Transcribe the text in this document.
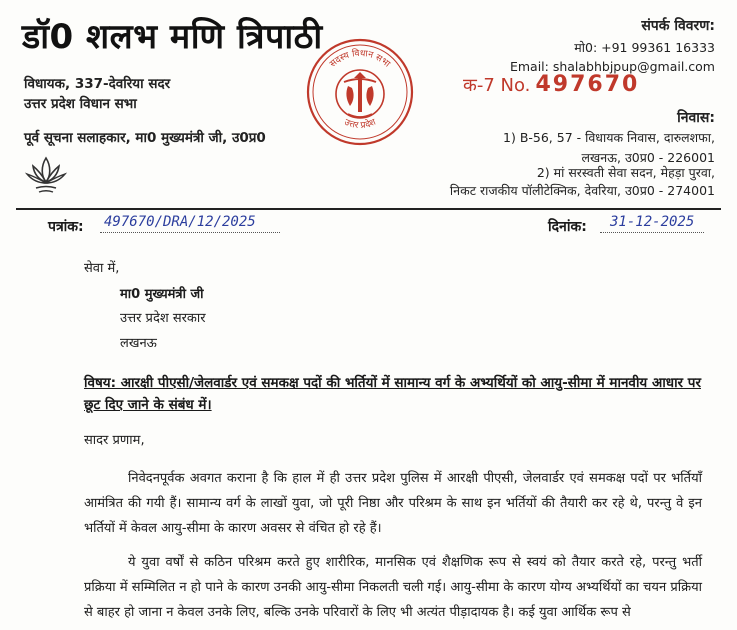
डॉ0 शलभ मणि त्रिपाठी
विधायक, 337-देवरिया सदर
उत्तर प्रदेश विधान सभा
पूर्व सूचना सलाहकार, मा0 मुख्यमंत्री जी, उ0प्र0
सदस्य विधान सभा
उत्तर प्रदेश
संपर्क विवरण:
मो0: +91 99361 16333
Email: shalabhbjpup@gmail.com
क-7 No. 497670
निवास:
1) B-56, 57 - विधायक निवास, दारुलशफा,
लखनऊ, उ0प्र0 - 226001
2) मां सरस्वती सेवा सदन, मेहड़ा पुरवा,
निकट राजकीय पॉलीटेक्निक, देवरिया, उ0प्र0 - 274001
पत्रांक: 497670/DRA/12/2025	दिनांक: 31-12-2025
सेवा में,
मा0 मुख्यमंत्री जी
उत्तर प्रदेश सरकार
लखनऊ
विषय: आरक्षी पीएसी/जेलवार्डर एवं समकक्ष पदों की भर्तियों में सामान्य वर्ग के अभ्यर्थियों को आयु-सीमा में मानवीय आधार पर छूट दिए जाने के संबंध में।
सादर प्रणाम,
निवेदनपूर्वक अवगत कराना है कि हाल में ही उत्तर प्रदेश पुलिस में आरक्षी पीएसी, जेलवार्डर एवं समकक्ष पदों पर भर्तियाँ आमंत्रित की गयी हैं। सामान्य वर्ग के लाखों युवा, जो पूरी निष्ठा और परिश्रम के साथ इन भर्तियों की तैयारी कर रहे थे, परन्तु वे इन भर्तियों में केवल आयु-सीमा के कारण अवसर से वंचित हो रहे हैं।
ये युवा वर्षों से कठिन परिश्रम करते हुए शारीरिक, मानसिक एवं शैक्षणिक रूप से स्वयं को तैयार करते रहे, परन्तु भर्ती प्रक्रिया में सम्मिलित न हो पाने के कारण उनकी आयु-सीमा निकलती चली गई। आयु-सीमा के कारण योग्य अभ्यर्थियों का चयन प्रक्रिया से बाहर हो जाना न केवल उनके लिए, बल्कि उनके परिवारों के लिए भी अत्यंत पीड़ादायक है। कई युवा आर्थिक रूप से
